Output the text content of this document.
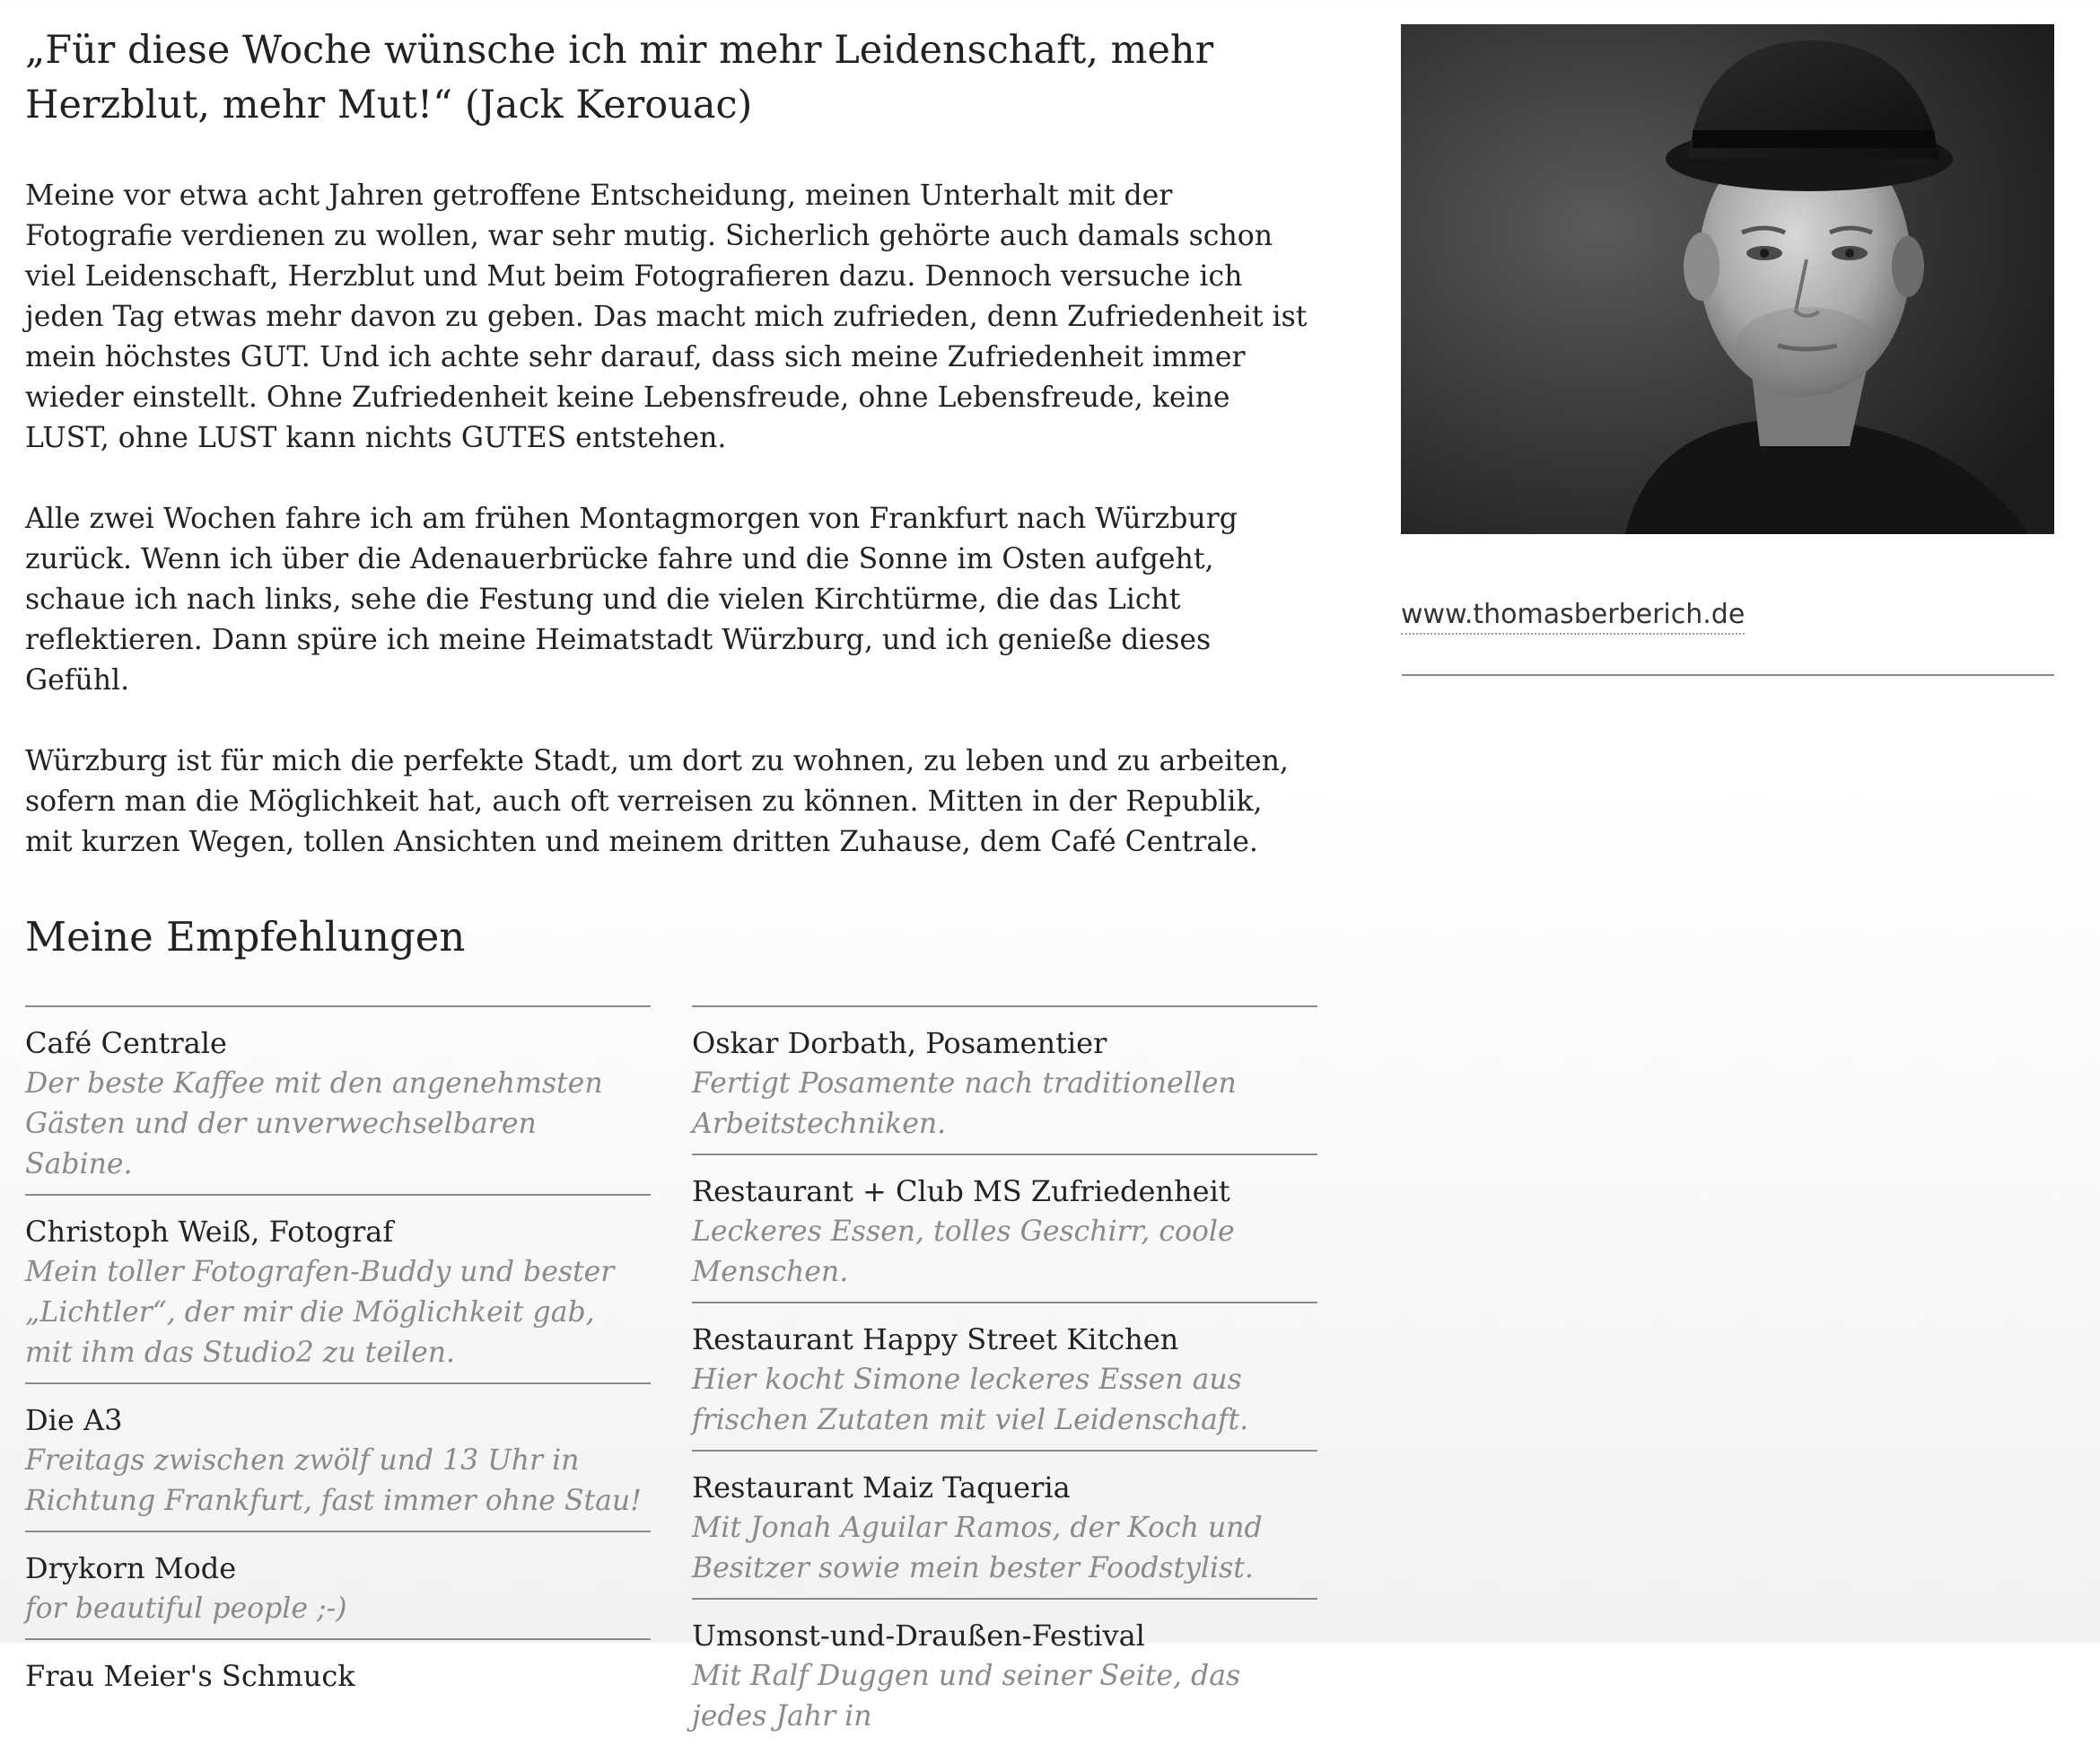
„Für diese Woche wünsche ich mir mehr Leidenschaft, mehr Herzblut, mehr Mut!“ (Jack Kerouac)

Meine vor etwa acht Jahren getroffene Entscheidung, meinen Unterhalt mit der Fotografie verdienen zu wollen, war sehr mutig. Sicherlich gehörte auch damals schon viel Leidenschaft, Herzblut und Mut beim Fotografieren dazu. Dennoch versuche ich jeden Tag etwas mehr davon zu geben. Das macht mich zufrieden, denn Zufriedenheit ist mein höchstes GUT. Und ich achte sehr darauf, dass sich meine Zufriedenheit immer wieder einstellt. Ohne Zufriedenheit keine Lebensfreude, ohne Lebensfreude, keine LUST, ohne LUST kann nichts GUTES entstehen.

Alle zwei Wochen fahre ich am frühen Montagmorgen von Frankfurt nach Würzburg zurück. Wenn ich über die Adenauerbrücke fahre und die Sonne im Osten aufgeht, schaue ich nach links, sehe die Festung und die vielen Kirchtürme, die das Licht reflektieren. Dann spüre ich meine Heimatstadt Würzburg, und ich genieße dieses Gefühl.

Würzburg ist für mich die perfekte Stadt, um dort zu wohnen, zu leben und zu arbeiten, sofern man die Möglichkeit hat, auch oft verreisen zu können. Mitten in der Republik, mit kurzen Wegen, tollen Ansichten und meinem dritten Zuhause, dem Café Centrale.

Meine Empfehlungen
Café Centrale
Der beste Kaffee mit den angenehmsten Gästen und der unverwechselbaren Sabine.
Christoph Weiß, Fotograf
Mein toller Fotografen-Buddy und bester „Lichtler“, der mir die Möglichkeit gab, mit ihm das Studio2 zu teilen.
Die A3
Freitags zwischen zwölf und 13 Uhr in Richtung Frankfurt, fast immer ohne Stau!
Drykorn Mode
for beautiful people ;-)
Frau Meier's Schmuck
Oskar Dorbath, Posamentier
Fertigt Posamente nach traditionellen Arbeitstechniken.
Restaurant + Club MS Zufriedenheit
Leckeres Essen, tolles Geschirr, coole Menschen.
Restaurant Happy Street Kitchen
Hier kocht Simone leckeres Essen aus frischen Zutaten mit viel Leidenschaft.
Restaurant Maiz Taqueria
Mit Jonah Aguilar Ramos, der Koch und Besitzer sowie mein bester Foodstylist.
Umsonst-und-Draußen-Festival
Mit Ralf Duggen und seiner Seite, das jedes Jahr in
www.thomasberberich.de
